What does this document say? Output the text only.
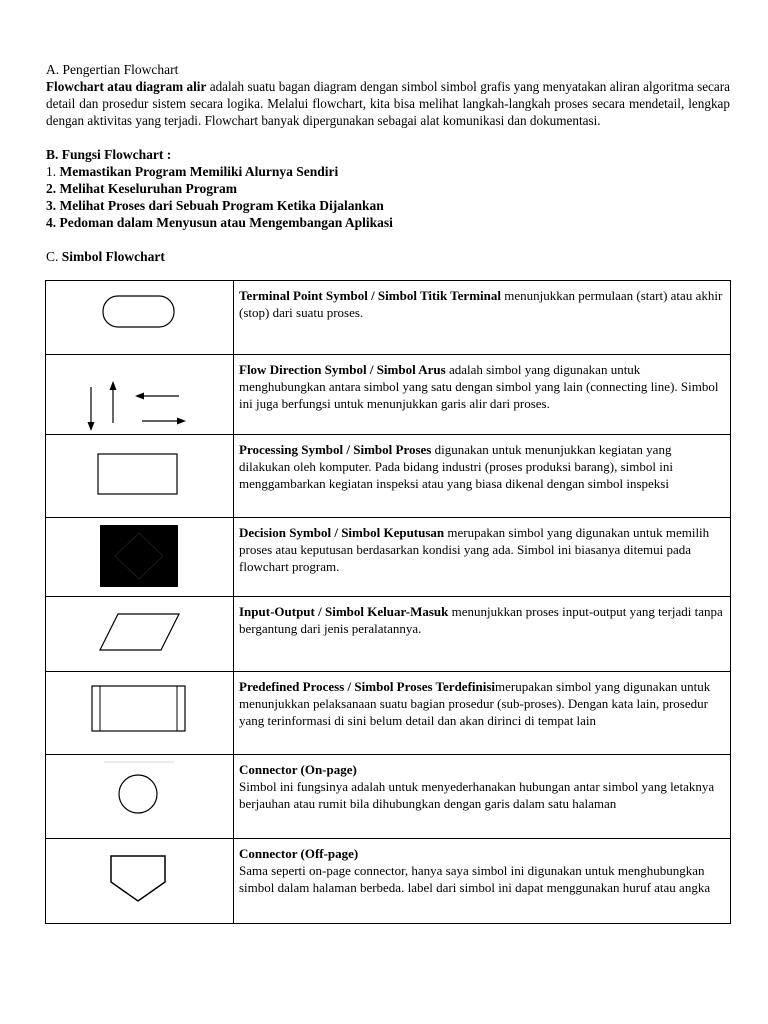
A. Pengertian Flowchart

Flowchart atau diagram alir adalah suatu bagan diagram dengan simbol simbol grafis yang menyatakan aliran algoritma secara detail dan prosedur sistem secara logika. Melalui flowchart, kita bisa melihat langkah-langkah proses secara mendetail, lengkap dengan aktivitas yang terjadi. Flowchart banyak dipergunakan sebagai alat komunikasi dan dokumentasi.

B. Fungsi Flowchart :
1. Memastikan Program Memiliki Alurnya Sendiri
2. Melihat Keseluruhan Program
3. Melihat Proses dari Sebuah Program Ketika Dijalankan
4. Pedoman dalam Menyusun atau Mengembangan Aplikasi

C. Simbol Flowchart

	Terminal Point Symbol / Simbol Titik Terminal menunjukkan permulaan (start) atau akhir (stop) dari suatu proses.

	Flow Direction Symbol / Simbol Arus adalah simbol yang digunakan untuk menghubungkan antara simbol yang satu dengan simbol yang lain (connecting line). Simbol ini juga berfungsi untuk menunjukkan garis alir dari proses.

	Processing Symbol / Simbol Proses digunakan untuk menunjukkan kegiatan yang dilakukan oleh komputer. Pada bidang industri (proses produksi barang), simbol ini menggambarkan kegiatan inspeksi atau yang biasa dikenal dengan simbol inspeksi

	Decision Symbol / Simbol Keputusan merupakan simbol yang digunakan untuk memilih proses atau keputusan berdasarkan kondisi yang ada. Simbol ini biasanya ditemui pada flowchart program.

	Input-Output / Simbol Keluar-Masuk menunjukkan proses input-output yang terjadi tanpa bergantung dari jenis peralatannya.

	Predefined Process / Simbol Proses Terdefinisimerupakan simbol yang digunakan untuk menunjukkan pelaksanaan suatu bagian prosedur (sub-proses). Dengan kata lain, prosedur yang terinformasi di sini belum detail dan akan dirinci di tempat lain

	Connector (On-page)
Simbol ini fungsinya adalah untuk menyederhanakan hubungan antar simbol yang letaknya berjauhan atau rumit bila dihubungkan dengan garis dalam satu halaman

	Connector (Off-page)
Sama seperti on-page connector, hanya saya simbol ini digunakan untuk menghubungkan simbol dalam halaman berbeda. label dari simbol ini dapat menggunakan huruf atau angka
